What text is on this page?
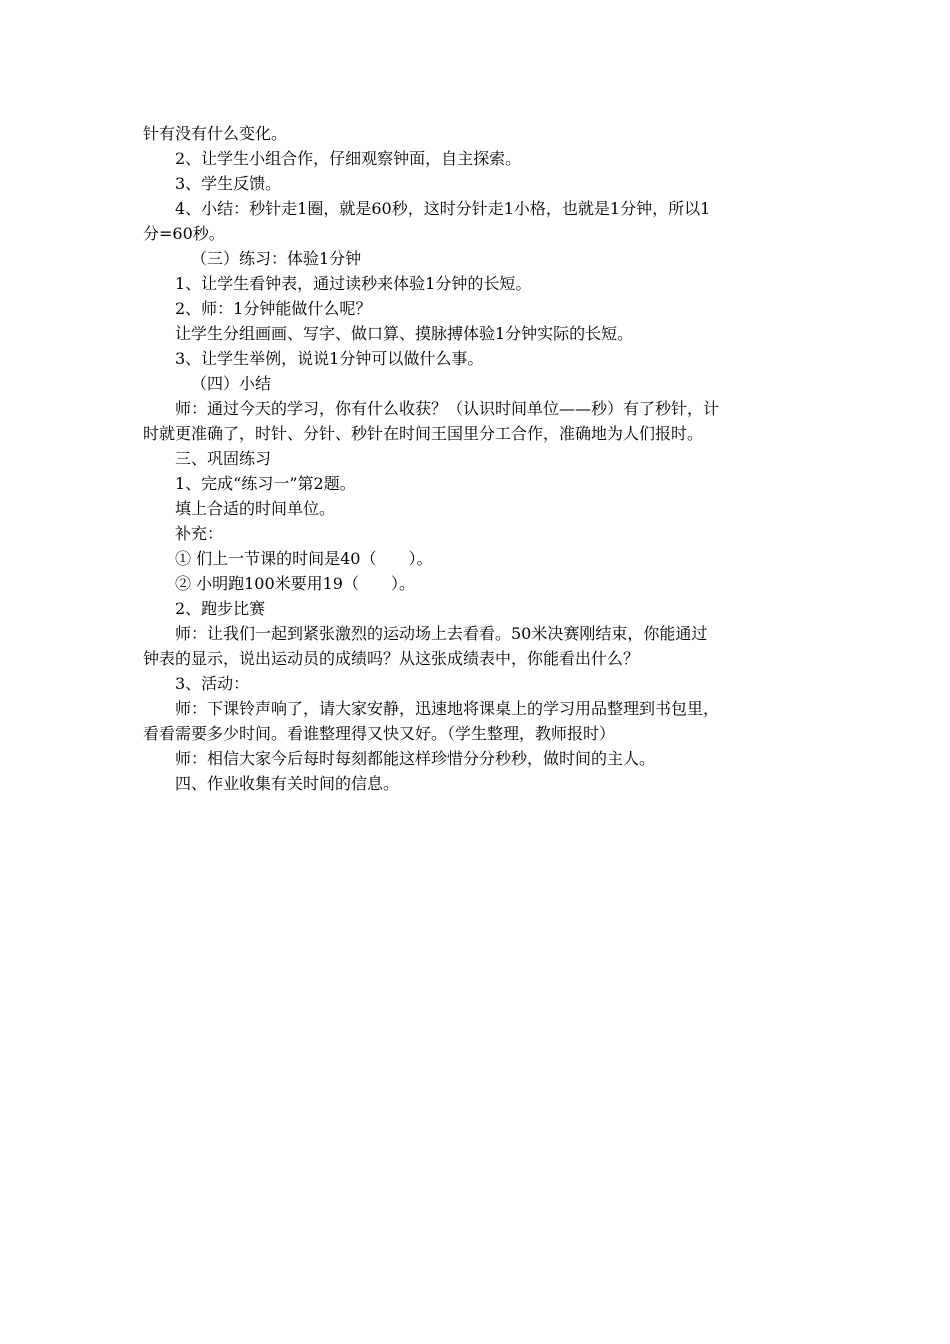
针有没有什么变化。

2、让学生小组合作，仔细观察钟面，自主探索。

3、学生反馈。

4、小结：秒针走1圈，就是60秒，这时分针走1小格，也就是1分钟，所以1

分=60秒。

（三）练习：体验1分钟

1、让学生看钟表，通过读秒来体验1分钟的长短。

2、师：1分钟能做什么呢？

让学生分组画画、写字、做口算、摸脉搏体验1分钟实际的长短。

3、让学生举例，说说1分钟可以做什么事。

（四）小结

师：通过今天的学习，你有什么收获？（认识时间单位——秒）有了秒针，计

时就更准确了，时针、分针、秒针在时间王国里分工合作，准确地为人们报时。

三、巩固练习

1、完成“练习一”第2题。

填上合适的时间单位。

补充：

① 们上一节课的时间是40（　　）。

② 小明跑100米要用19（　　）。

2、跑步比赛

师：让我们一起到紧张激烈的运动场上去看看。50米决赛刚结束，你能通过

钟表的显示，说出运动员的成绩吗？从这张成绩表中，你能看出什么？

3、活动：

师：下课铃声响了，请大家安静，迅速地将课桌上的学习用品整理到书包里，

看看需要多少时间。看谁整理得又快又好。（学生整理，教师报时）

师：相信大家今后每时每刻都能这样珍惜分分秒秒，做时间的主人。

四、作业收集有关时间的信息。
